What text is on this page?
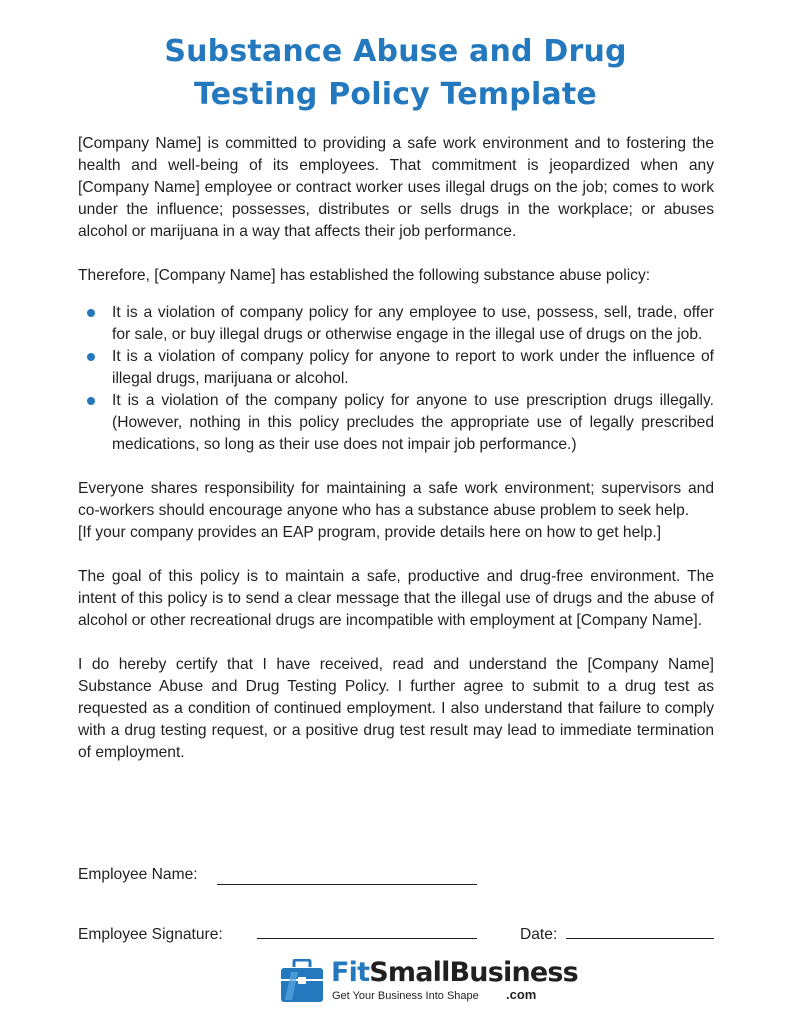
Substance Abuse and Drug
Testing Policy Template

[Company Name] is committed to providing a safe work environment and to fostering the health and well-being of its employees. That commitment is jeopardized when any [Company Name] employee or contract worker uses illegal drugs on the job; comes to work under the influence; possesses, distributes or sells drugs in the workplace; or abuses alcohol or marijuana in a way that affects their job performance.

Therefore, [Company Name] has established the following substance abuse policy:

It is a violation of company policy for any employee to use, possess, sell, trade, offer for sale, or buy illegal drugs or otherwise engage in the illegal use of drugs on the job.
It is a violation of company policy for anyone to report to work under the influence of illegal drugs, marijuana or alcohol.
It is a violation of the company policy for anyone to use prescription drugs illegally. (However, nothing in this policy precludes the appropriate use of legally prescribed medications, so long as their use does not impair job performance.)

Everyone shares responsibility for maintaining a safe work environment; supervisors and co-workers should encourage anyone who has a substance abuse problem to seek help.

[If your company provides an EAP program, provide details here on how to get help.]

The goal of this policy is to maintain a safe, productive and drug-free environment. The intent of this policy is to send a clear message that the illegal use of drugs and the abuse of alcohol or other recreational drugs are incompatible with employment at [Company Name].

I do hereby certify that I have received, read and understand the [Company Name] Substance Abuse and Drug Testing Policy. I further agree to submit to a drug test as requested as a condition of continued employment. I also understand that failure to comply with a drug testing request, or a positive drug test result may lead to immediate termination of employment.

Employee Name:
Employee Signature:	Date:
FitSmallBusiness
Get Your Business Into Shape .com
